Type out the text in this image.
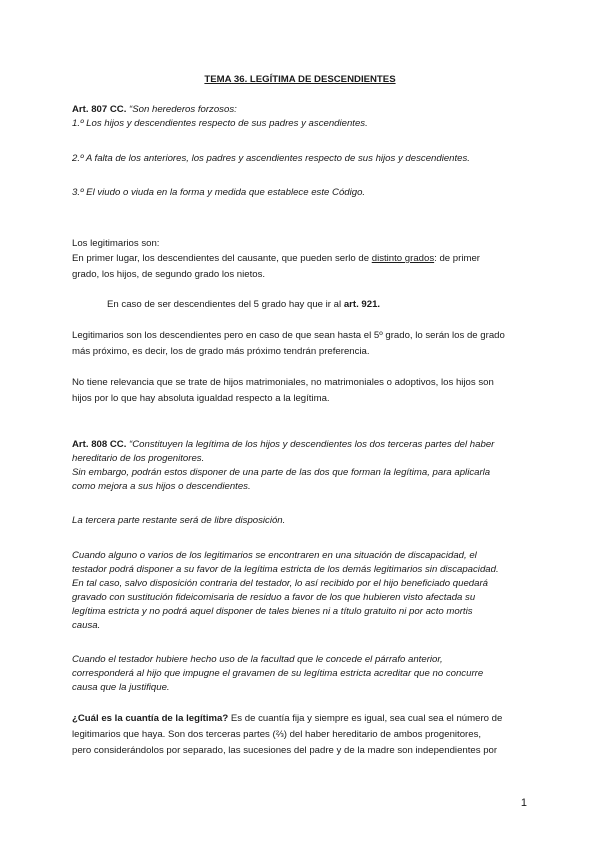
TEMA 36. LEGÍTIMA DE DESCENDIENTES
Art. 807 CC. “Son herederos forzosos:
1.º Los hijos y descendientes respecto de sus padres y ascendientes.
2.º A falta de los anteriores, los padres y ascendientes respecto de sus hijos y descendientes.
3.º El viudo o viuda en la forma y medida que establece este Código.
Los legitimarios son:
En primer lugar, los descendientes del causante, que pueden serlo de distinto grados: de primer
grado, los hijos, de segundo grado los nietos.
En caso de ser descendientes del 5 grado hay que ir al art. 921.
Legitimarios son los descendientes pero en caso de que sean hasta el 5º grado, lo serán los de grado
más próximo, es decir, los de grado más próximo tendrán preferencia.
No tiene relevancia que se trate de hijos matrimoniales, no matrimoniales o adoptivos, los hijos son
hijos por lo que hay absoluta igualdad respecto a la legítima.
Art. 808 CC. “Constituyen la legítima de los hijos y descendientes los dos terceras partes del haber
hereditario de los progenitores.
Sin embargo, podrán estos disponer de una parte de las dos que forman la legítima, para aplicarla
como mejora a sus hijos o descendientes.
La tercera parte restante será de libre disposición.
Cuando alguno o varios de los legitimarios se encontraren en una situación de discapacidad, el
testador podrá disponer a su favor de la legítima estricta de los demás legitimarios sin discapacidad.
En tal caso, salvo disposición contraria del testador, lo así recibido por el hijo beneficiado quedará
gravado con sustitución fideicomisaria de residuo a favor de los que hubieren visto afectada su
legítima estricta y no podrá aquel disponer de tales bienes ni a título gratuito ni por acto mortis
causa.
Cuando el testador hubiere hecho uso de la facultad que le concede el párrafo anterior,
corresponderá al hijo que impugne el gravamen de su legítima estricta acreditar que no concurre
causa que la justifique.
¿Cuál es la cuantía de la legítima? Es de cuantía fija y siempre es igual, sea cual sea el número de
legitimarios que haya. Son dos terceras partes (⅔) del haber hereditario de ambos progenitores,
pero considerándolos por separado, las sucesiones del padre y de la madre son independientes por
1
